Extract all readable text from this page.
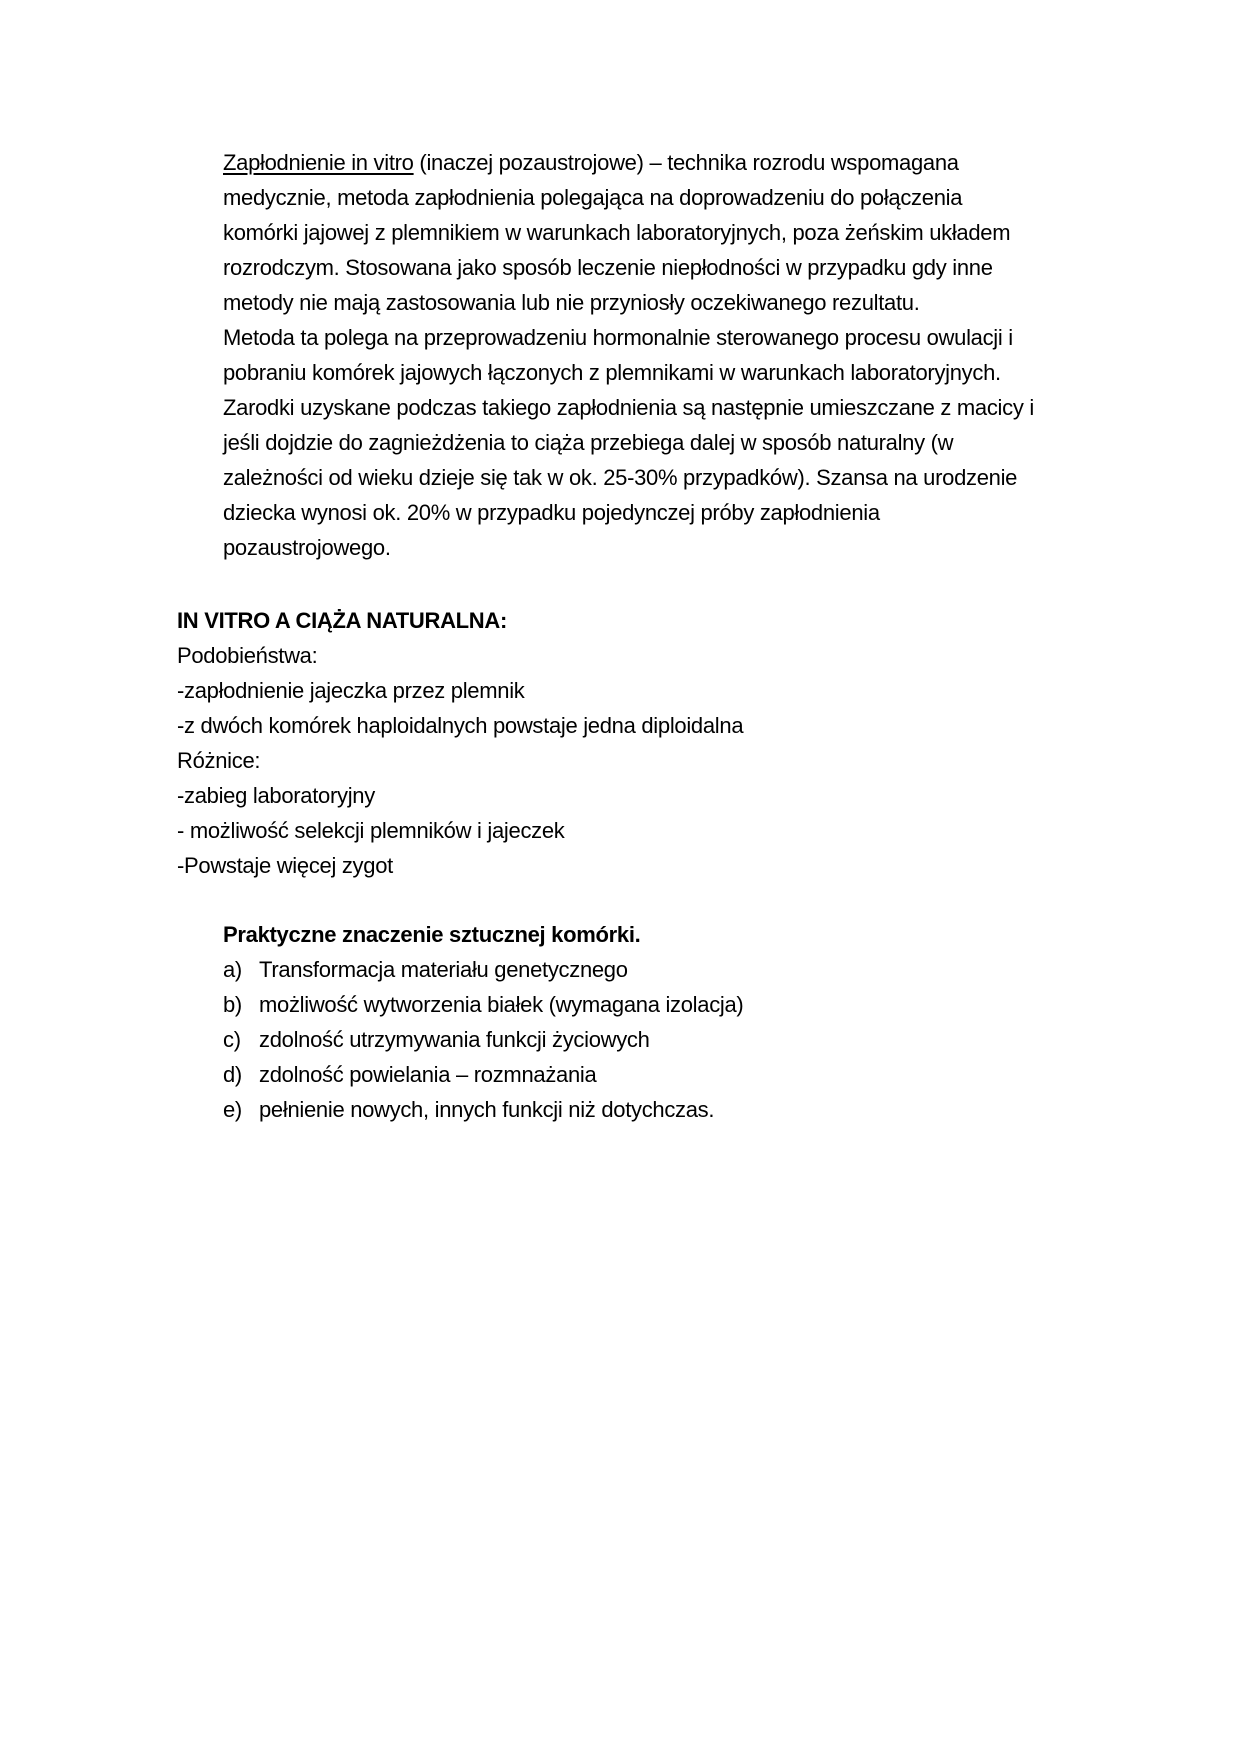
Zapłodnienie in vitro (inaczej pozaustrojowe) – technika rozrodu wspomagana
medycznie, metoda zapłodnienia polegająca na doprowadzeniu do połączenia
komórki jajowej z plemnikiem w warunkach laboratoryjnych, poza żeńskim układem
rozrodczym. Stosowana jako sposób leczenie niepłodności w przypadku gdy inne
metody nie mają zastosowania lub nie przyniosły oczekiwanego rezultatu.
Metoda ta polega na przeprowadzeniu hormonalnie sterowanego procesu owulacji i
pobraniu komórek jajowych łączonych z plemnikami w warunkach laboratoryjnych.
Zarodki uzyskane podczas takiego zapłodnienia są następnie umieszczane z macicy i
jeśli dojdzie do zagnieżdżenia to ciąża przebiega dalej w sposób naturalny (w
zależności od wieku dzieje się tak w ok. 25-30% przypadków). Szansa na urodzenie
dziecka wynosi ok. 20% w przypadku pojedynczej próby zapłodnienia
pozaustrojowego.
IN VITRO A CIĄŻA NATURALNA:
Podobieństwa:
-zapłodnienie jajeczka przez plemnik
-z dwóch komórek haploidalnych powstaje jedna diploidalna
Różnice:
-zabieg laboratoryjny
- możliwość selekcji plemników i jajeczek
-Powstaje więcej zygot
Praktyczne znaczenie sztucznej komórki.
a) Transformacja materiału genetycznego
b) możliwość wytworzenia białek (wymagana izolacja)
c) zdolność utrzymywania funkcji życiowych
d) zdolność powielania – rozmnażania
e) pełnienie nowych, innych funkcji niż dotychczas.
